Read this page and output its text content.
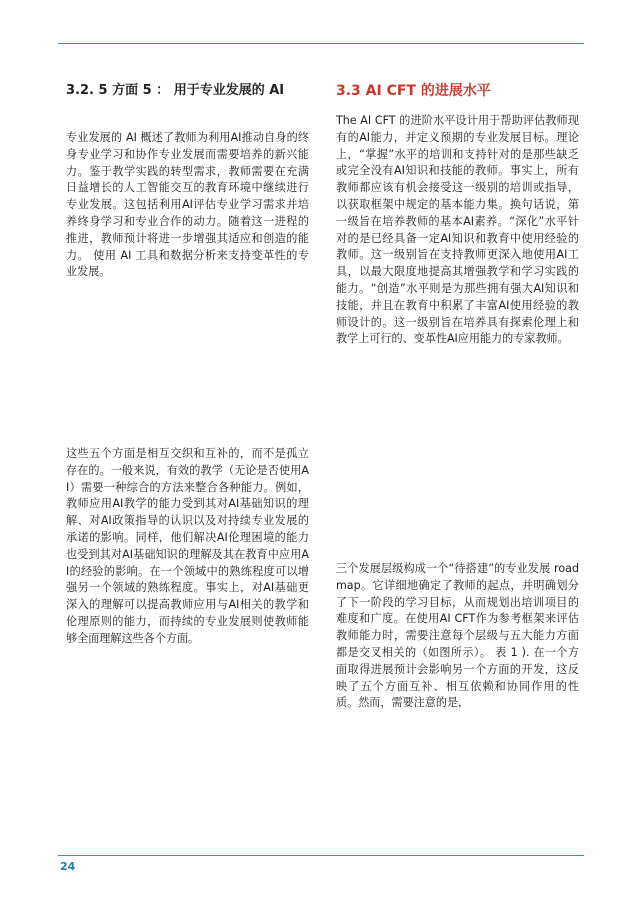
3.2. 5 方面 5 ： 用于专业发展的 AI	3.3 AI CFT 的进展水平

专业发展的 AI 概述了教师为利用AI推动自身的终身专业学习和协作专业发展而需要培养的新兴能力。鉴于教学实践的转型需求，教师需要在充满日益增长的人工智能交互的教育环境中继续进行专业发展。这包括利用AI评估专业学习需求并培养终身学习和专业合作的动力。随着这一进程的推进，教师预计将进一步增强其适应和创造的能力。 使用 AI 工具和数据分析来支持变革性的专业发展。

这些五个方面是相互交织和互补的，而不是孤立存在的。一般来说，有效的教学（无论是否使用AI）需要一种综合的方法来整合各种能力。例如，教师应用AI教学的能力受到其对AI基础知识的理解、对AI政策指导的认识以及对持续专业发展的承诺的影响。同样，他们解决AI伦理困境的能力也受到其对AI基础知识的理解及其在教育中应用AI的经验的影响。在一个领域中的熟练程度可以增强另一个领域的熟练程度。事实上，对AI基础更深入的理解可以提高教师应用与AI相关的教学和伦理原则的能力，而持续的专业发展则使教师能够全面理解这些各个方面。

The AI CFT 的进阶水平设计用于帮助评估教师现有的AI能力，并定义预期的专业发展目标。理论上，“掌握”水平的培训和支持针对的是那些缺乏或完全没有AI知识和技能的教师。事实上，所有教师都应该有机会接受这一级别的培训或指导，以获取框架中规定的基本能力集。换句话说，第一级旨在培养教师的基本AI素养。“深化”水平针对的是已经具备一定AI知识和教育中使用经验的教师。这一级别旨在支持教师更深入地使用AI工具，以最大限度地提高其增强教学和学习实践的能力。“创造”水平则是为那些拥有强大AI知识和技能，并且在教育中积累了丰富AI使用经验的教师设计的。这一级别旨在培养具有探索伦理上和教学上可行的、变革性AI应用能力的专家教师。

三个发展层级构成一个“待搭建”的专业发展 roadmap。它详细地确定了教师的起点，并明确划分了下一阶段的学习目标，从而规划出培训项目的难度和广度。在使用AI CFT作为参考框架来评估教师能力时，需要注意每个层级与五大能力方面都是交叉相关的（如图所示）。 表 1 ). 在一个方面取得进展预计会影响另一个方面的开发，这反映了五个方面互补、相互依赖和协同作用的性质。然而，需要注意的是，

24
